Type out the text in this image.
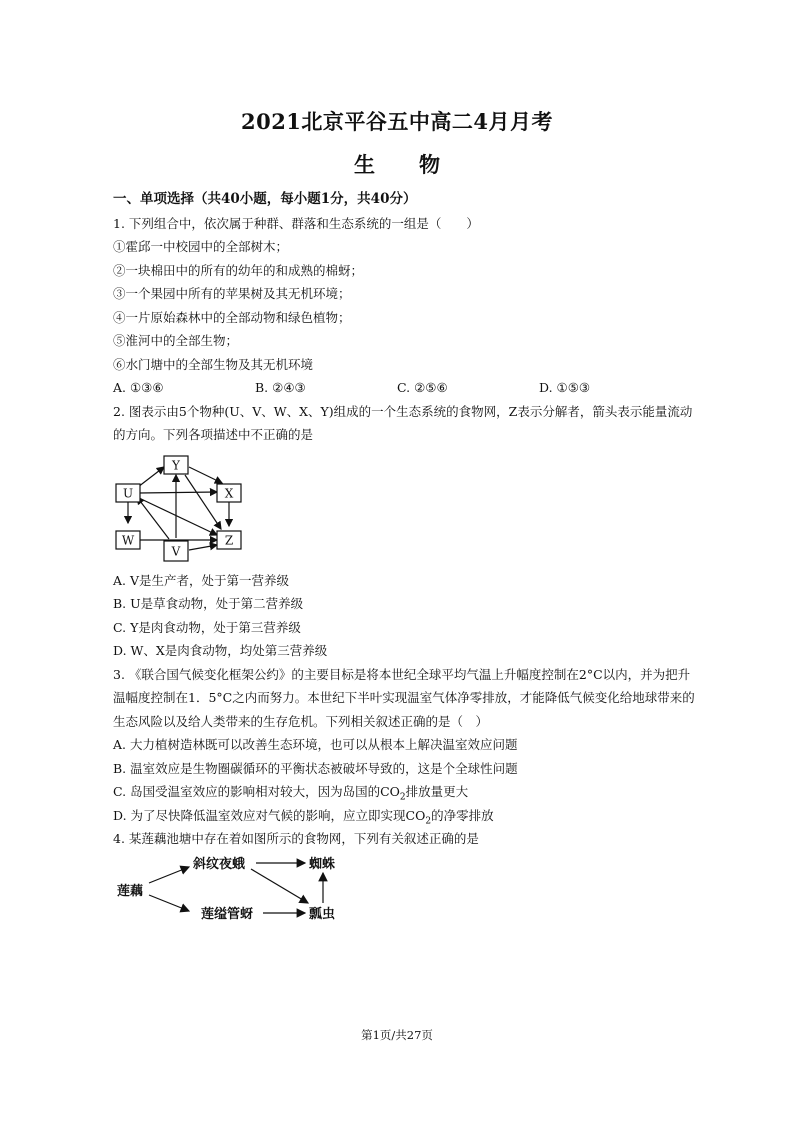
2021北京平谷五中高二4月月考
生 物
一、单项选择（共40小题，每小题1分，共40分）
1. 下列组合中，依次属于种群、群落和生态系统的一组是（　　）
①霍邱一中校园中的全部树木；
②一块棉田中的所有的幼年的和成熟的棉蚜；
③一个果园中所有的苹果树及其无机环境；
④一片原始森林中的全部动物和绿色植物；
⑤淮河中的全部生物；
⑥水门塘中的全部生物及其无机环境
A. ①③⑥	B. ②④③	C. ②⑤⑥	D. ①⑤③
2. 图表示由5个物种(U、V、W、X、Y)组成的一个生态系统的食物网，Z表示分解者，箭头表示能量流动
的方向。下列各项描述中不正确的是
Y
U	X
W	Z
V
A. V是生产者，处于第一营养级
B. U是草食动物，处于第二营养级
C. Y是肉食动物，处于第三营养级
D. W、X是肉食动物，均处第三营养级
3. 《联合国气候变化框架公约》的主要目标是将本世纪全球平均气温上升幅度控制在2°C以内，并为把升
温幅度控制在1．5°C之内而努力。本世纪下半叶实现温室气体净零排放，才能降低气候变化给地球带来的
生态风险以及给人类带来的生存危机。下列相关叙述正确的是（　）
A. 大力植树造林既可以改善生态环境，也可以从根本上解决温室效应问题
B. 温室效应是生物圈碳循环的平衡状态被破坏导致的，这是个全球性问题
C. 岛国受温室效应的影响相对较大，因为岛国的$CO_2$排放量更大
D. 为了尽快降低温室效应对气候的影响，应立即实现$CO_2$的净零排放
4. 某莲藕池塘中存在着如图所示的食物网，下列有关叙述正确的是
莲藕
斜纹夜蛾
莲缢管蚜
蜘蛛
瓢虫
第1页/共27页
